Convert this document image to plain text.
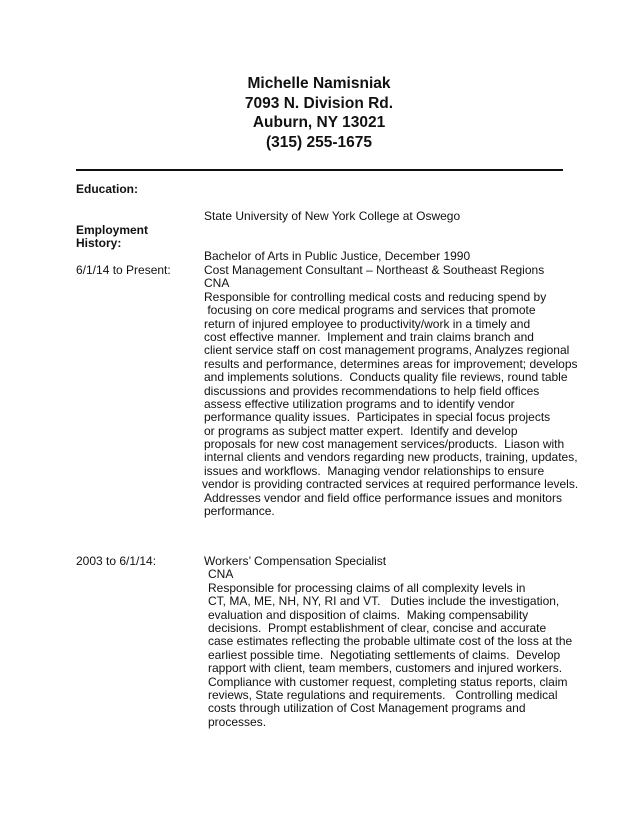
Michelle Namisniak
7093 N. Division Rd.
Auburn, NY 13021
(315) 255-1675
Education:

State University of New York College at Oswego

Bachelor of Arts in Public Justice, December 1990

Employment
History:
6/1/14 to Present:	Cost Management Consultant – Northeast & Southeast Regions
CNA
Responsible for controlling medical costs and reducing spend by
focusing on core medical programs and services that promote
return of injured employee to productivity/work in a timely and
cost effective manner.  Implement and train claims branch and
client service staff on cost management programs, Analyzes regional
results and performance, determines areas for improvement; develops
and implements solutions.  Conducts quality file reviews, round table
discussions and provides recommendations to help field offices
assess effective utilization programs and to identify vendor
performance quality issues.  Participates in special focus projects
or programs as subject matter expert.  Identify and develop
proposals for new cost management services/products.  Liason with
internal clients and vendors regarding new products, training, updates,
issues and workflows.  Managing vendor relationships to ensure
vendor is providing contracted services at required performance levels.
Addresses vendor and field office performance issues and monitors
performance.
2003 to 6/1/14:	Workers’ Compensation Specialist
CNA
Responsible for processing claims of all complexity levels in
CT, MA, ME, NH, NY, RI and VT.   Duties include the investigation,
evaluation and disposition of claims.  Making compensability
decisions.  Prompt establishment of clear, concise and accurate
case estimates reflecting the probable ultimate cost of the loss at the
earliest possible time.  Negotiating settlements of claims.  Develop
rapport with client, team members, customers and injured workers.
Compliance with customer request, completing status reports, claim
reviews, State regulations and requirements.   Controlling medical
costs through utilization of Cost Management programs and
processes.
